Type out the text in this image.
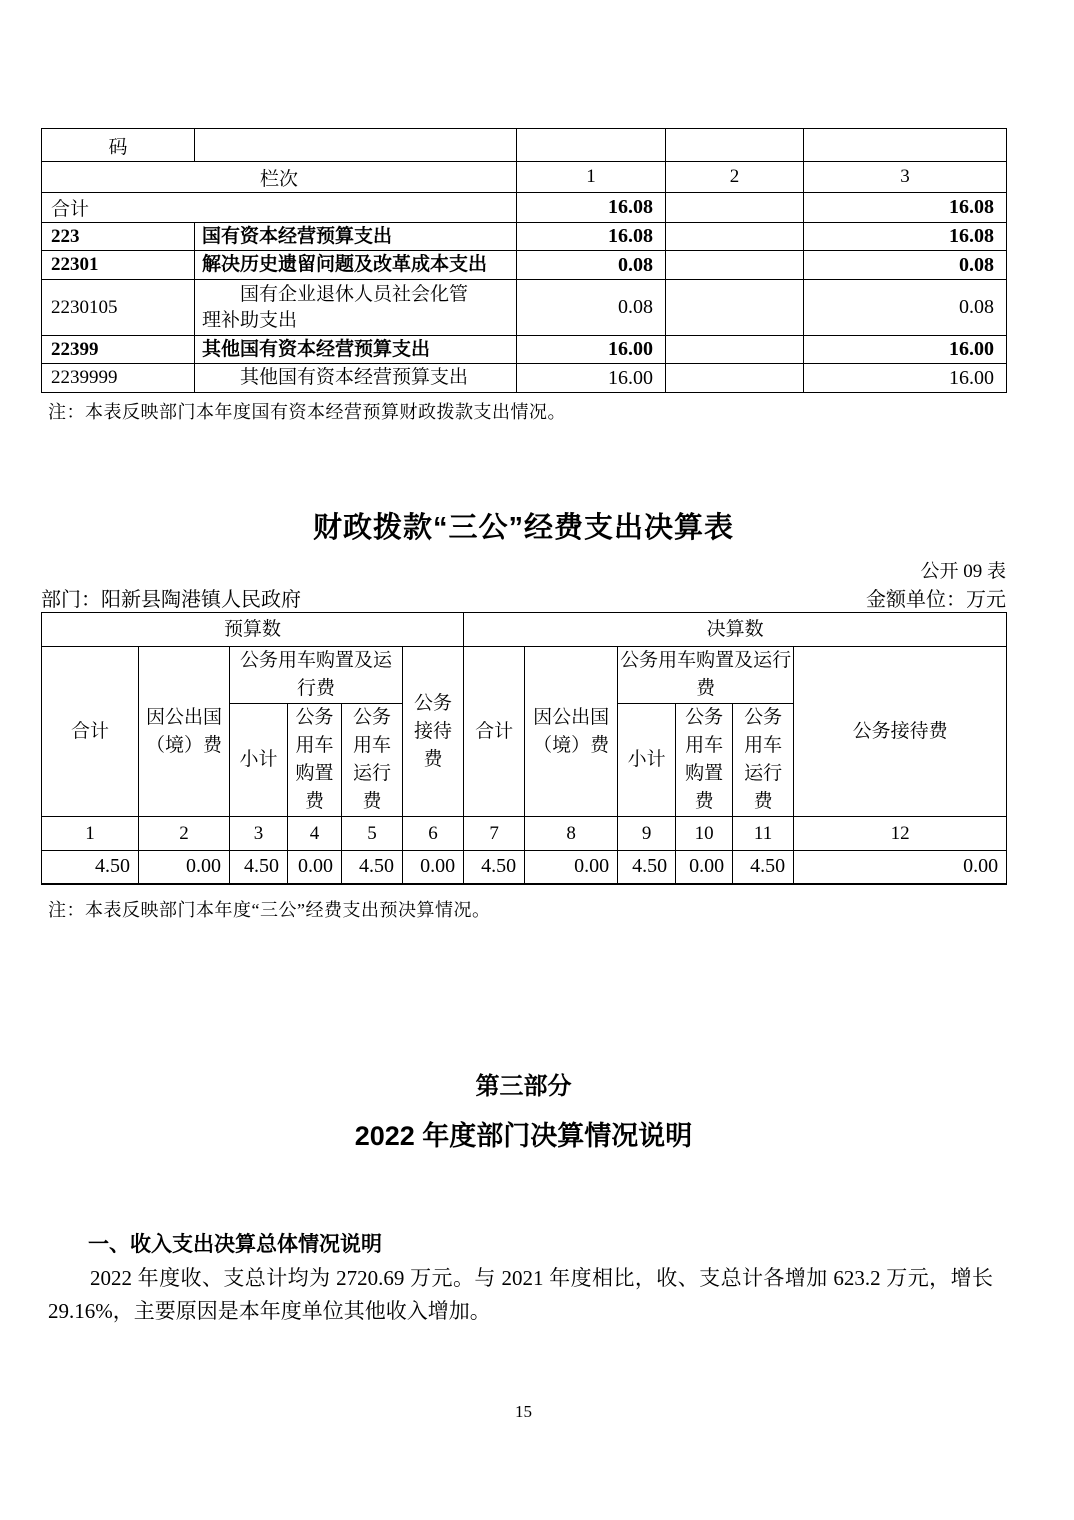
码				
栏次		1	2	3
合计		16.08		16.08
223	国有资本经营预算支出	16.08		16.08
22301	解决历史遗留问题及改革成本支出	0.08		0.08
2230105	国有企业退休人员社会化管理补助支出	0.08		0.08
22399	其他国有资本经营预算支出	16.00		16.00
2239999	其他国有资本经营预算支出	16.00		16.00
注：本表反映部门本年度国有资本经营预算财政拨款支出情况。
财政拨款“三公”经费支出决算表
公开 09 表
部门：阳新县陶港镇人民政府	金额单位：万元
预算数						决算数					
合计	因公出国（境）费	公务用车购置及运行费			公务接待费	合计	因公出国（境）费	公务用车购置及运行费			公务接待费
		小计	公务用车购置费	公务用车运行费				小计	公务用车购置费	公务用车运行费	
1	2	3	4	5	6	7	8	9	10	11	12
4.50	0.00	4.50	0.00	4.50	0.00	4.50	0.00	4.50	0.00	4.50	0.00
注：本表反映部门本年度“三公”经费支出预决算情况。
第三部分
2022 年度部门决算情况说明
一、收入支出决算总体情况说明
2022 年度收、支总计均为 2720.69 万元。与 2021 年度相比，收、支总计各增加 623.2 万元，增长 29.16%，主要原因是本年度单位其他收入增加。
15
